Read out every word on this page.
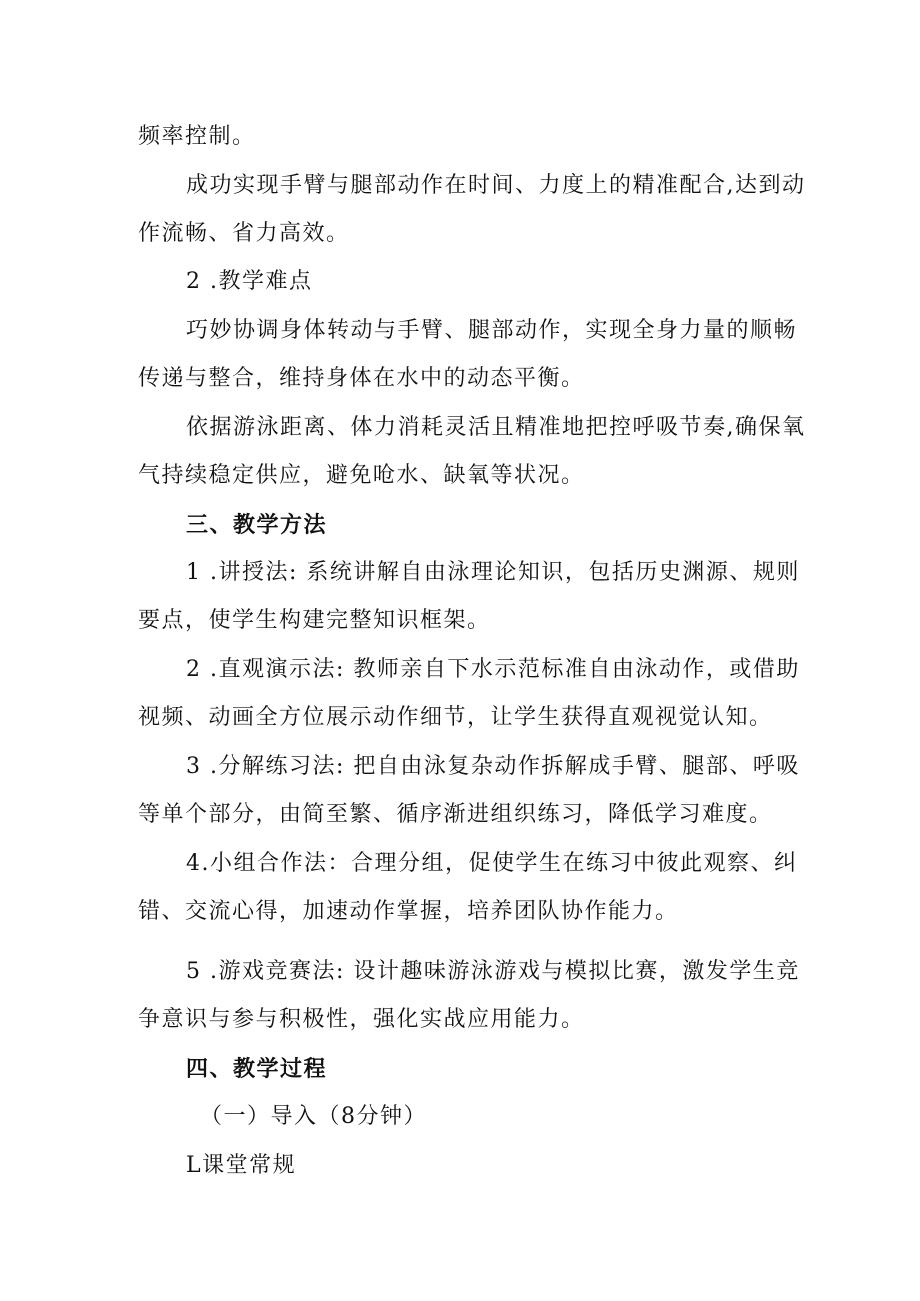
频率控制。
成功实现手臂与腿部动作在时间、力度上的精准配合,达到动
作流畅、省力高效。
2 .教学难点
巧妙协调身体转动与手臂、腿部动作，实现全身力量的顺畅
传递与整合，维持身体在水中的动态平衡。
依据游泳距离、体力消耗灵活且精准地把控呼吸节奏,确保氧
气持续稳定供应，避免呛水、缺氧等状况。
三、教学方法
1 .讲授法: 系统讲解自由泳理论知识，包括历史渊源、规则
要点，使学生构建完整知识框架。
2 .直观演示法: 教师亲自下水示范标准自由泳动作，或借助
视频、动画全方位展示动作细节，让学生获得直观视觉认知。
3 .分解练习法: 把自由泳复杂动作拆解成手臂、腿部、呼吸
等单个部分，由简至繁、循序渐进组织练习，降低学习难度。
4.小组合作法：合理分组，促使学生在练习中彼此观察、纠
错、交流心得，加速动作掌握，培养团队协作能力。
5 .游戏竞赛法: 设计趣味游泳游戏与模拟比赛，激发学生竞
争意识与参与积极性，强化实战应用能力。
四、教学过程
（一）导入（8分钟）
L课堂常规
